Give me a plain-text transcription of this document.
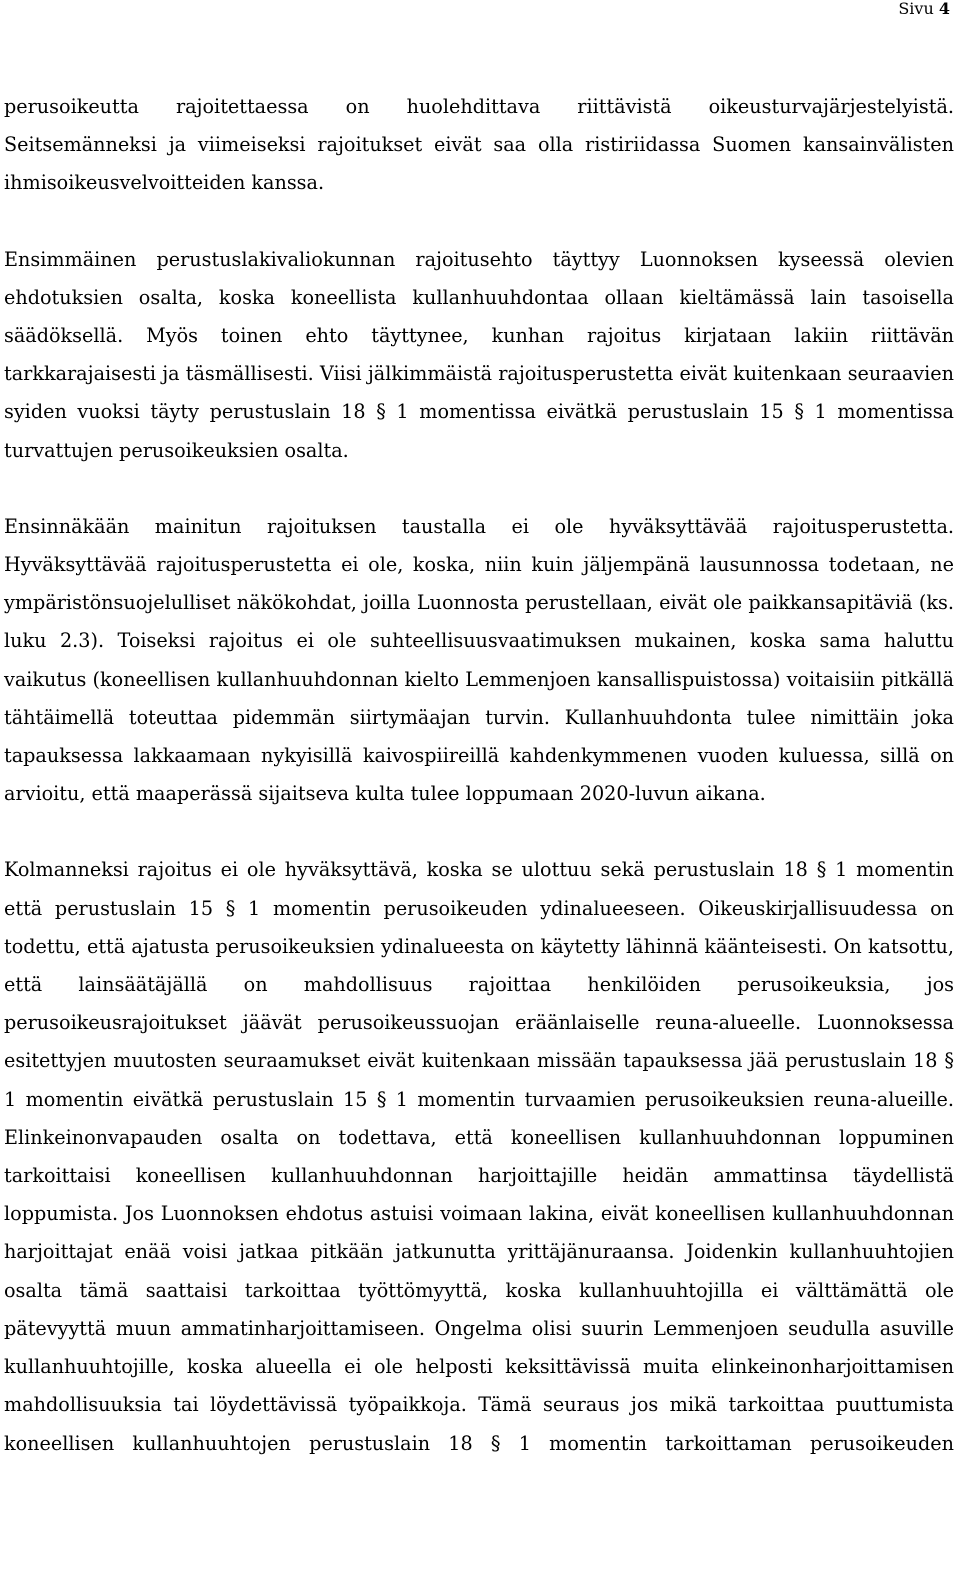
Sivu 4

perusoikeutta rajoitettaessa on huolehdittava riittävistä oikeusturvajärjestelyistä. Seitsemänneksi ja viimeiseksi rajoitukset eivät saa olla ristiriidassa Suomen kansainvälisten ihmisoikeusvelvoitteiden kanssa.

Ensimmäinen perustuslakivaliokunnan rajoitusehto täyttyy Luonnoksen kyseessä olevien ehdotuksien osalta, koska koneellista kullanhuuhdontaa ollaan kieltämässä lain tasoisella säädöksellä. Myös toinen ehto täyttynee, kunhan rajoitus kirjataan lakiin riittävän tarkkarajaisesti ja täsmällisesti. Viisi jälkimmäistä rajoitusperustetta eivät kuitenkaan seuraavien syiden vuoksi täyty perustuslain 18 § 1 momentissa eivätkä perustuslain 15 § 1 momentissa turvattujen perusoikeuksien osalta.

Ensinnäkään mainitun rajoituksen taustalla ei ole hyväksyttävää rajoitusperustetta. Hyväksyttävää rajoitusperustetta ei ole, koska, niin kuin jäljempänä lausunnossa todetaan, ne ympäristönsuojelulliset näkökohdat, joilla Luonnosta perustellaan, eivät ole paikkansapitäviä (ks. luku 2.3). Toiseksi rajoitus ei ole suhteellisuusvaatimuksen mukainen, koska sama haluttu vaikutus (koneellisen kullanhuuhdonnan kielto Lemmenjoen kansallispuistossa) voitaisiin pitkällä tähtäimellä toteuttaa pidemmän siirtymäajan turvin. Kullanhuuhdonta tulee nimittäin joka tapauksessa lakkaamaan nykyisillä kaivospiireillä kahdenkymmenen vuoden kuluessa, sillä on arvioitu, että maaperässä sijaitseva kulta tulee loppumaan 2020-luvun aikana.

Kolmanneksi rajoitus ei ole hyväksyttävä, koska se ulottuu sekä perustuslain 18 § 1 momentin että perustuslain 15 § 1 momentin perusoikeuden ydinalueeseen. Oikeuskirjallisuudessa on todettu, että ajatusta perusoikeuksien ydinalueesta on käytetty lähinnä käänteisesti. On katsottu, että lainsäätäjällä on mahdollisuus rajoittaa henkilöiden perusoikeuksia, jos perusoikeusrajoitukset jäävät perusoikeussuojan eräänlaiselle reuna-alueelle. Luonnoksessa esitettyjen muutosten seuraamukset eivät kuitenkaan missään tapauksessa jää perustuslain 18 § 1 momentin eivätkä perustuslain 15 § 1 momentin turvaamien perusoikeuksien reuna-alueille. Elinkeinonvapauden osalta on todettava, että koneellisen kullanhuuhdonnan loppuminen tarkoittaisi koneellisen kullanhuuhdonnan harjoittajille heidän ammattinsa täydellistä loppumista. Jos Luonnoksen ehdotus astuisi voimaan lakina, eivät koneellisen kullanhuuhdonnan harjoittajat enää voisi jatkaa pitkään jatkunutta yrittäjänuraansa. Joidenkin kullanhuuhtojien osalta tämä saattaisi tarkoittaa työttömyyttä, koska kullanhuuhtojilla ei välttämättä ole pätevyyttä muun ammatinharjoittamiseen. Ongelma olisi suurin Lemmenjoen seudulla asuville kullanhuuhtojille, koska alueella ei ole helposti keksittävissä muita elinkeinonharjoittamisen mahdollisuuksia tai löydettävissä työpaikkoja. Tämä seuraus jos mikä tarkoittaa puuttumista koneellisen kullanhuuhtojen perustuslain 18 § 1 momentin tarkoittaman perusoikeuden
